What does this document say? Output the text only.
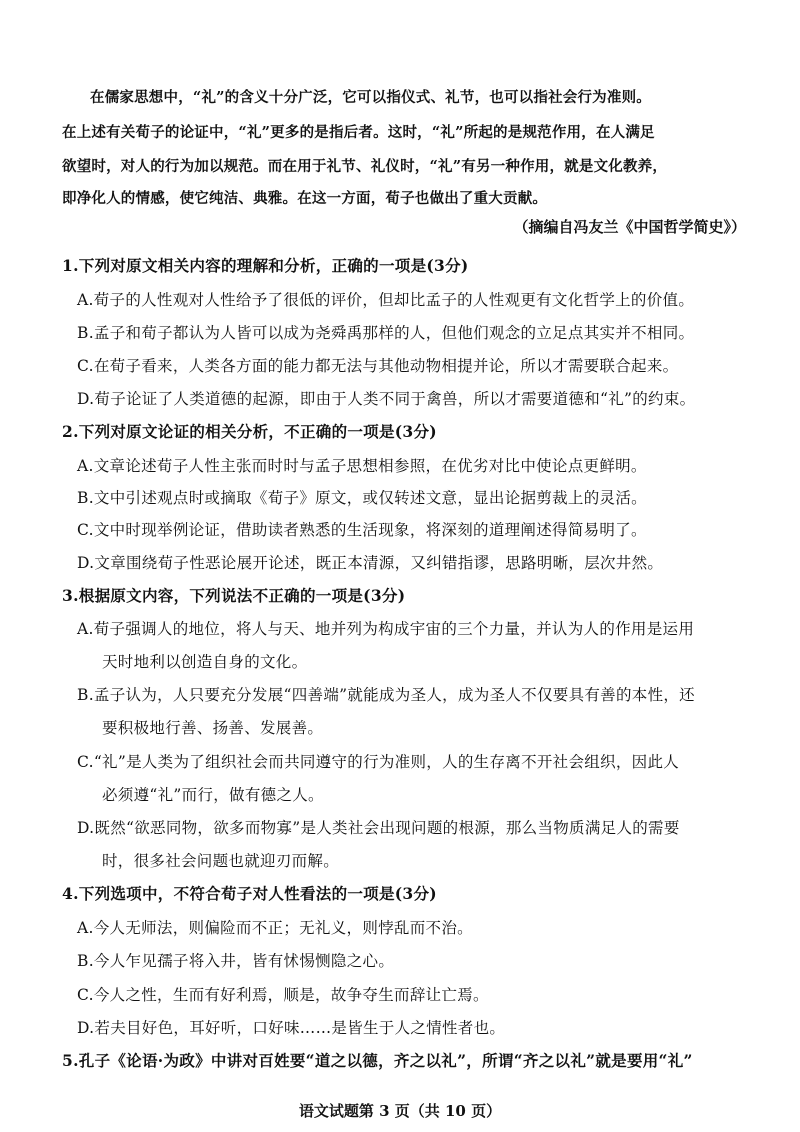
在儒家思想中，“礼”的含义十分广泛，它可以指仪式、礼节，也可以指社会行为准则。

在上述有关荀子的论证中，“礼”更多的是指后者。这时，“礼”所起的是规范作用，在人满足

欲望时，对人的行为加以规范。而在用于礼节、礼仪时，“礼”有另一种作用，就是文化教养，

即净化人的情感，使它纯洁、典雅。在这一方面，荀子也做出了重大贡献。

（摘编自冯友兰《中国哲学简史》）

1.下列对原文相关内容的理解和分析，正确的一项是(3分)

A.荀子的人性观对人性给予了很低的评价，但却比孟子的人性观更有文化哲学上的价值。

B.孟子和荀子都认为人皆可以成为尧舜禹那样的人，但他们观念的立足点其实并不相同。

C.在荀子看来，人类各方面的能力都无法与其他动物相提并论，所以才需要联合起来。

D.荀子论证了人类道德的起源，即由于人类不同于禽兽，所以才需要道德和“礼”的约束。

2.下列对原文论证的相关分析，不正确的一项是(3分)

A.文章论述荀子人性主张而时时与孟子思想相参照，在优劣对比中使论点更鲜明。

B.文中引述观点时或摘取《荀子》原文，或仅转述文意，显出论据剪裁上的灵活。

C.文中时现举例论证，借助读者熟悉的生活现象，将深刻的道理阐述得简易明了。

D.文章围绕荀子性恶论展开论述，既正本清源，又纠错指谬，思路明晰，层次井然。

3.根据原文内容，下列说法不正确的一项是(3分)

A.荀子强调人的地位，将人与天、地并列为构成宇宙的三个力量，并认为人的作用是运用

天时地利以创造自身的文化。

B.孟子认为，人只要充分发展“四善端”就能成为圣人，成为圣人不仅要具有善的本性，还

要积极地行善、扬善、发展善。

C.“礼”是人类为了组织社会而共同遵守的行为准则，人的生存离不开社会组织，因此人

必须遵“礼”而行，做有德之人。

D.既然“欲恶同物，欲多而物寡”是人类社会出现问题的根源，那么当物质满足人的需要

时，很多社会问题也就迎刃而解。

4.下列选项中，不符合荀子对人性看法的一项是(3分)

A.今人无师法，则偏险而不正；无礼义，则悖乱而不治。

B.今人乍见孺子将入井，皆有怵惕恻隐之心。

C.今人之性，生而有好利焉，顺是，故争夺生而辞让亡焉。

D.若夫目好色，耳好听，口好味……是皆生于人之情性者也。

5.孔子《论语·为政》中讲对百姓要“道之以德，齐之以礼”，所谓“齐之以礼”就是要用“礼”

语文试题第 3 页（共 10 页）
